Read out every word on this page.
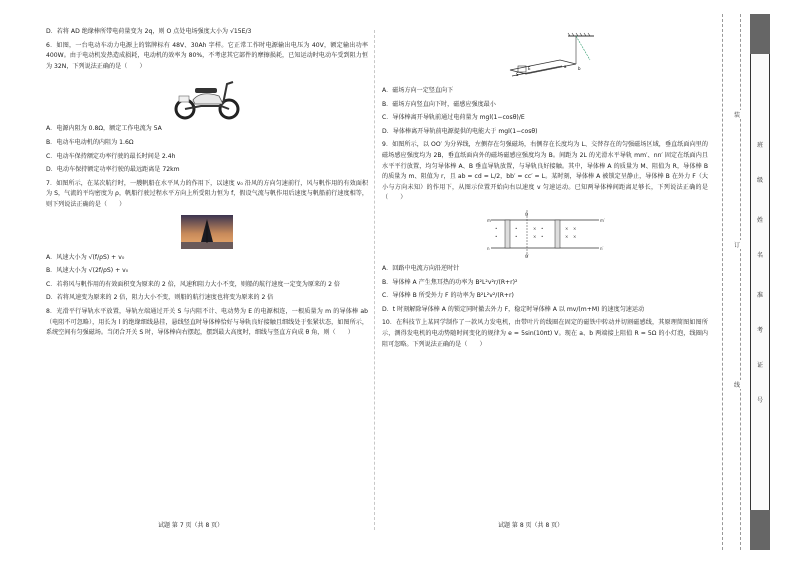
D．若将 AD 绝缘棒所带电荷量变为 2q，则 O 点处电场强度大小为 √15E/3
6．如图，一台电动车动力电源上的铭牌标有 48V、30Ah 字样。它正常工作时电源输出电压为 40V，额定输出功率 400W。由于电动机发热造成损耗，电动机的效率为 80%，不考虑其它部件的摩擦损耗，已知运动时电动车受到阻力恒为 32N，下列说法正确的是（　　）
A．电源内阻为 0.8Ω，额定工作电流为 5A
B．电动车电动机的内阻为 1.6Ω
C．电动车保持额定功率行驶的最长时间是 2.4h
D．电动车保持额定功率行驶的最远距离是 72km
7．如图所示，在某次航行时，一艘帆船在水平风力的作用下，以速度 v₀ 沿风的方向匀速前行，风与帆作用的有效面积为 S，气流的平均密度为 ρ，帆船行驶过程水平方向上所受阻力恒为 f，假设气流与帆作用后速度与帆船前行速度相等，则下列说法正确的是（　　）
A．风速大小为 √(f/ρS) + v₀
B．风速大小为 √(2f/ρS) + v₀
C．若将风与帆作用的有效面积变为原来的 2 倍，风速和阻力大小不变，则船的航行速度一定变为原来的 2 倍
D．若将风速变为原来的 2 倍，阻力大小不变，则船的航行速度也将变为原来的 2 倍
8．光滑平行导轨水平放置，导轨左端通过开关 S 与内阻不计、电动势为 E 的电源相连，一根质量为 m 的导体棒 ab（电阻不可忽略），用长为 l 的绝缘细线悬挂，悬线竖直时导体棒恰好与导轨良好接触且细线处于张紧状态，如图所示，系统空间有匀强磁场。当闭合开关 S 时，导体棒向右摆起，摆到最大高度时，细线与竖直方向成 θ 角，则（　　）
试题 第 7 页（共 8 页）
E
S
a	b
A．磁场方向一定竖直向下
B．磁场方向竖直向下时，磁感应强度最小
C．导体棒离开导轨前通过电荷量为 mgl(1−cosθ)/E
D．导体棒离开导轨前电源提供的电能大于 mgl(1−cosθ)
9．如图所示，以 OO′ 为分界线，左侧存在匀强磁场，右侧存在长度均为 L、交替存在的匀强磁场区域，垂直纸面向里的磁场感应强度均为 2B，垂直纸面向外的磁场磁感应强度均为 B。间距为 2L 的光滑水平导轨 mm′、nn′ 固定在纸面内且水平平行放置，均匀导体棒 A、B 垂直导轨放置，与导轨良好接触。其中，导体棒 A 的质量为 M、阻值为 R，导体棒 B 的质量为 m、阻值为 r，且 ab = cd = L/2，bb′ = cc′ = L。某时刻，导体棒 A 被锁定呈静止，导体棒 B 在外力 F（大小与方向未知）的作用下，从图示位置开始向右以速度 v 匀速运动。已知两导体棒间距离足够长，下列说法正确的是（　　）
•
•
•
•
×
×
•
•
×
×
×
×
m
n
m′
n′
O
O′
A．回路中电流方向沿逆时针
B．导体棒 A 产生焦耳热的功率为 B²L²v²r/(R+r)²
C．导体棒 B 所受外力 F 的功率为 B²L²v²/(R+r)
D．t 时刻解除导体棒 A 的锁定同时撤去外力 F，稳定时导体棒 A 以 mv/(m+M) 的速度匀速运动
10．在科技节上某同学制作了一款风力发电机，由带叶片的线圈在固定的磁铁中转动并切割磁感线，其原理简图如图所示，测得发电机的电动势随时间变化的规律为 e = 5sin(10πt) V。现在 a、b 两端接上阻值 R = 5Ω 的小灯泡，线圈内阻可忽略。下列说法正确的是（　　）
试题 第 8 页（共 8 页）
装
订
线
班
级
姓
名
准
考
证
号
